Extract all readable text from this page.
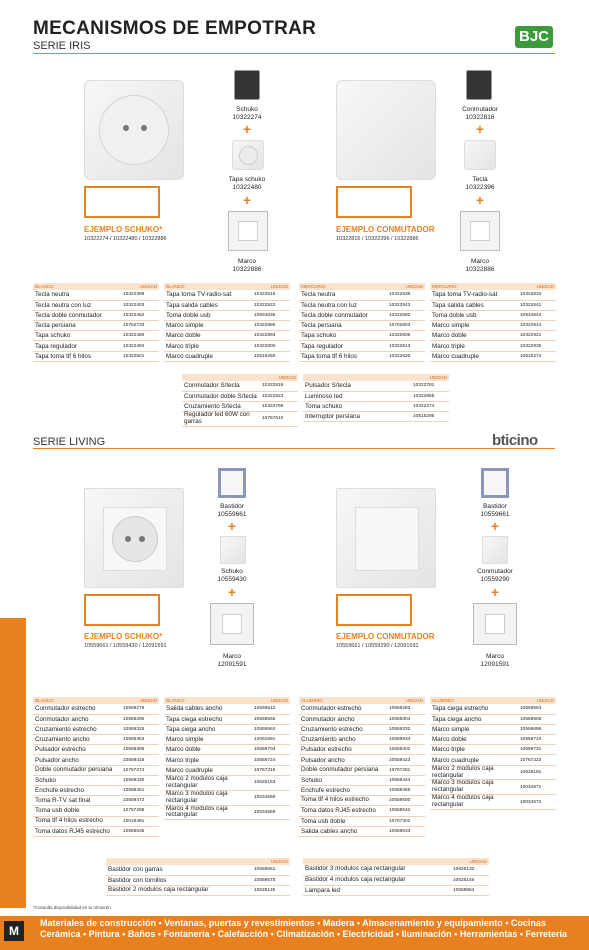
MECANISMOS DE EMPOTRAR
SERIE IRIS
BJC
EJEMPLO SCHUKO*
10322274 / 10322480 / 10322886
Schuko
10322274
+
Tapa schuko
10322480
+
Marco
10322886
EJEMPLO CONMUTADOR
10322816 / 10322396 / 10322886
Conmutador
10322816
+
Tecla
10322396
+
Marco
10322886
BLANCO	UNIDAD
Tecla neutra	10322396
Tecla neutra con luz	10322403
Tecla doble conmutador	10322452
Tecla persiana	10762733
Tapa schuko	10322480
Tapa regulador	10322494
Tapa toma tlf 6 hilos	10322501
BLANCO	UNIDAD
Tapa toma TV-radio-sat	10322515
Tapa salida cables	10322522
Toma doble usb	10834635
Marco simple	10322886
Marco doble	10322893
Marco triple	10322900
Marco cuadruple	10515260
MERCURIO	UNIDAD
Tecla neutra	10322536
Tecla neutra con luz	10322543
Tecla doble conmutador	10322592
Tecla persiana	10762803
Tapa schuko	10322606
Tapa regulador	10322613
Tapa toma tlf 6 hilos	10322620
MERCURIO	UNIDAD
Tapa toma TV-radio-sat	10322634
Tapa salida cables	10322641
Toma doble usb	10834642
Marco simple	10322914
Marco doble	10322921
Marco triple	10322935
Marco cuadruple	10515274
	UNIDAD
Conmutador S/tecla	10322816
Conmutador doble S/tecla	10322823
Cruzamiento S/tecla	10322795
Regulador led 60W con garras	10767610
	UNIDAD
Pulsador S/tecla	10322781
Luminoso led	10322865
Toma schuko	10322274
Interruptor persiana	10515295
SERIE LIVING	bticino
EJEMPLO SCHUKO*
10559661 / 10559430 / 12091591
Bastidor
10559661
+
Schuko
10559430
+
Marco
12091591
EJEMPLO CONMUTADOR
10559661 / 10559290 / 12091591
Bastidor
10559661
+
Conmutador
10559290
+
Marco
12091591
BLANCO	UNIDAD
Conmutador estrecho	10559276
Conmutador ancho	10559290
Cruzamiento estrecho	10559325
Cruzamiento ancho	10559353
Pulsador estrecho	10559395
Pulsador ancho	10559416
Doble conmutador persiana	10767274
Schuko	10559430
Enchufe estrecho	10559451
Toma R-TV sat final	10559472
Toma usb doble	10767295
Toma tlf 4 hilos estrecho	10019491
Toma datos RJ45 estrecho	10559535
BLANCO	UNIDAD
Salida cables ancho	10559612
Tapa ciega estrecho	10559556
Tapa ciega ancho	10559584
Marco simple	12091591
Marco doble	10559703
Marco triple	10559724
Marco cuadruple	10767316
Marco 2 modulos caja rectangular	10625153
Marco 3 modulos caja rectangular	10034568
Marco 4 modulos caja rectangular	10034569
ALUMINIO	UNIDAD
Conmutador estrecho	10559283
Conmutador ancho	10559304
Cruzamiento estrecho	10559332
Cruzamiento ancho	10559934
Pulsador estrecho	10559402
Pulsador ancho	10559423
Doble conmutador persiana	10767281
Schuko	10559444
Enchufe estrecho	10559465
Toma tlf 4 hilos estrecho	10559500
Toma datos RJ45 estrecho	10559542
Toma usb doble	10767302
Salida cables ancho	10559633
ALUMINIO	UNIDAD
Tapa ciega estrecho	10559563
Tapa ciega ancho	10559605
Marco simple	10559696
Marco doble	10559710
Marco triple	10559731
Marco cuadruple	10767323
Marco 2 modulos caja rectangular	10625181
Marco 3 modulos caja rectangular	10034571
Marco 4 modulos caja rectangular	10034572
	UNIDAD
Bastidor con garras	10559661
Bastidor con tornillos	10559675
Bastidor 2 modulos caja rectangular	10625125
	UNIDAD
Bastidor 3 modulos caja rectangular	10625132
Bastidor 4 modulos caja rectangular	10625146
Lampara led	10559654
ELECTRICIDAD
*Consulta disponibilidad en tu Almacén
M
Materiales de construcción • Ventanas, puertas y revestimientos • Madera • Almacenamiento y equipamiento • Cocinas Cerámica • Pintura • Baños • Fontanería • Calefacción • Climatización • Electricidad • Iluminación • Herramientas • Ferretería
